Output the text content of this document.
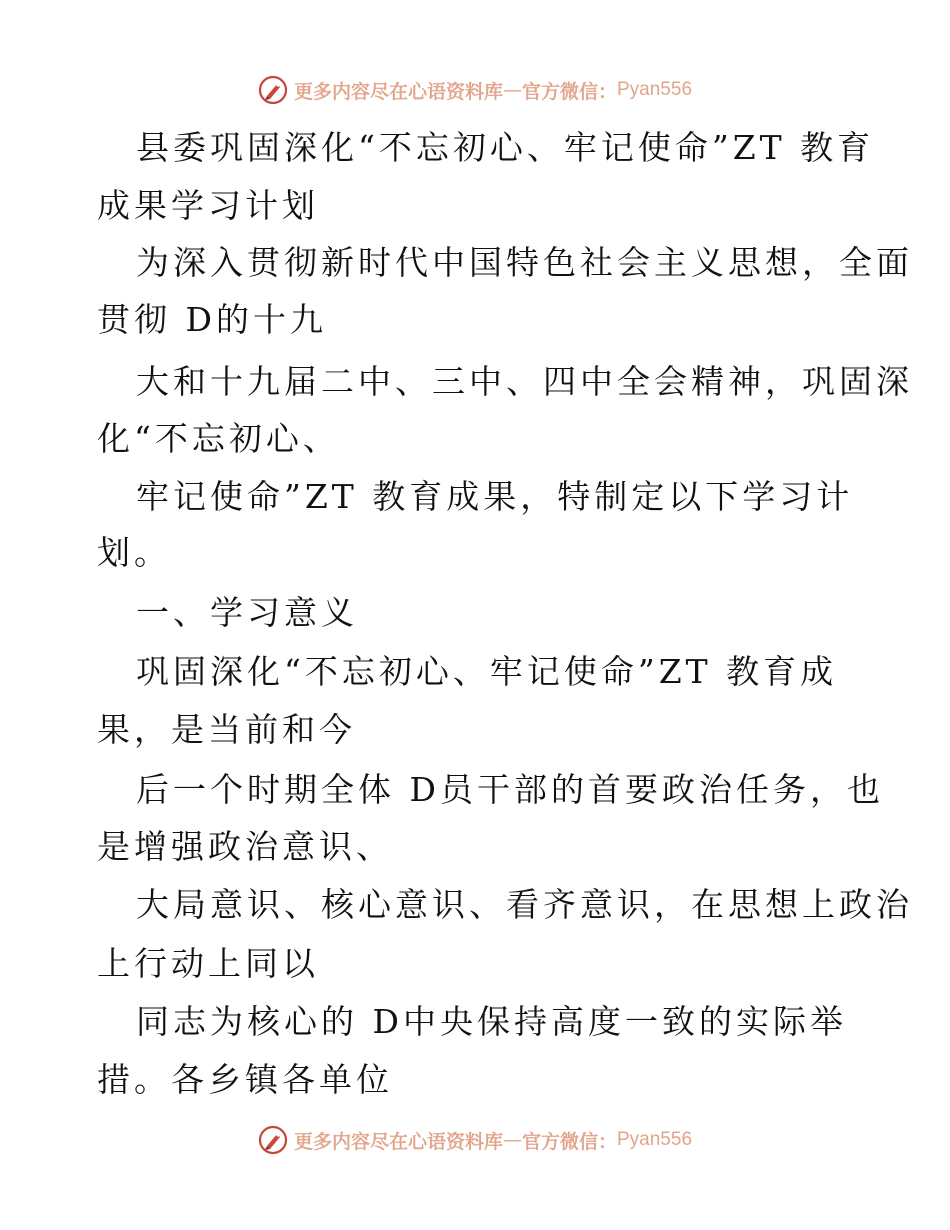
更多内容尽在心语资料库 — 官方微信： Pyan556
县委巩固深化“不忘初心、牢记使命”ZT 教育
成果学习计划
为深入贯彻新时代中国特色社会主义思想，全面
贯彻 D的十九
大和十九届二中、三中、四中全会精神，巩固深
化“不忘初心、
牢记使命”ZT 教育成果，特制定以下学习计
划。
一、学习意义
巩固深化“不忘初心、牢记使命”ZT 教育成
果，是当前和今
后一个时期全体 D员干部的首要政治任务，也
是增强政治意识、
大局意识、核心意识、看齐意识，在思想上政治
上行动上同以
同志为核心的 D中央保持高度一致的实际举
措。各乡镇各单位
更多内容尽在心语资料库 — 官方微信： Pyan556
